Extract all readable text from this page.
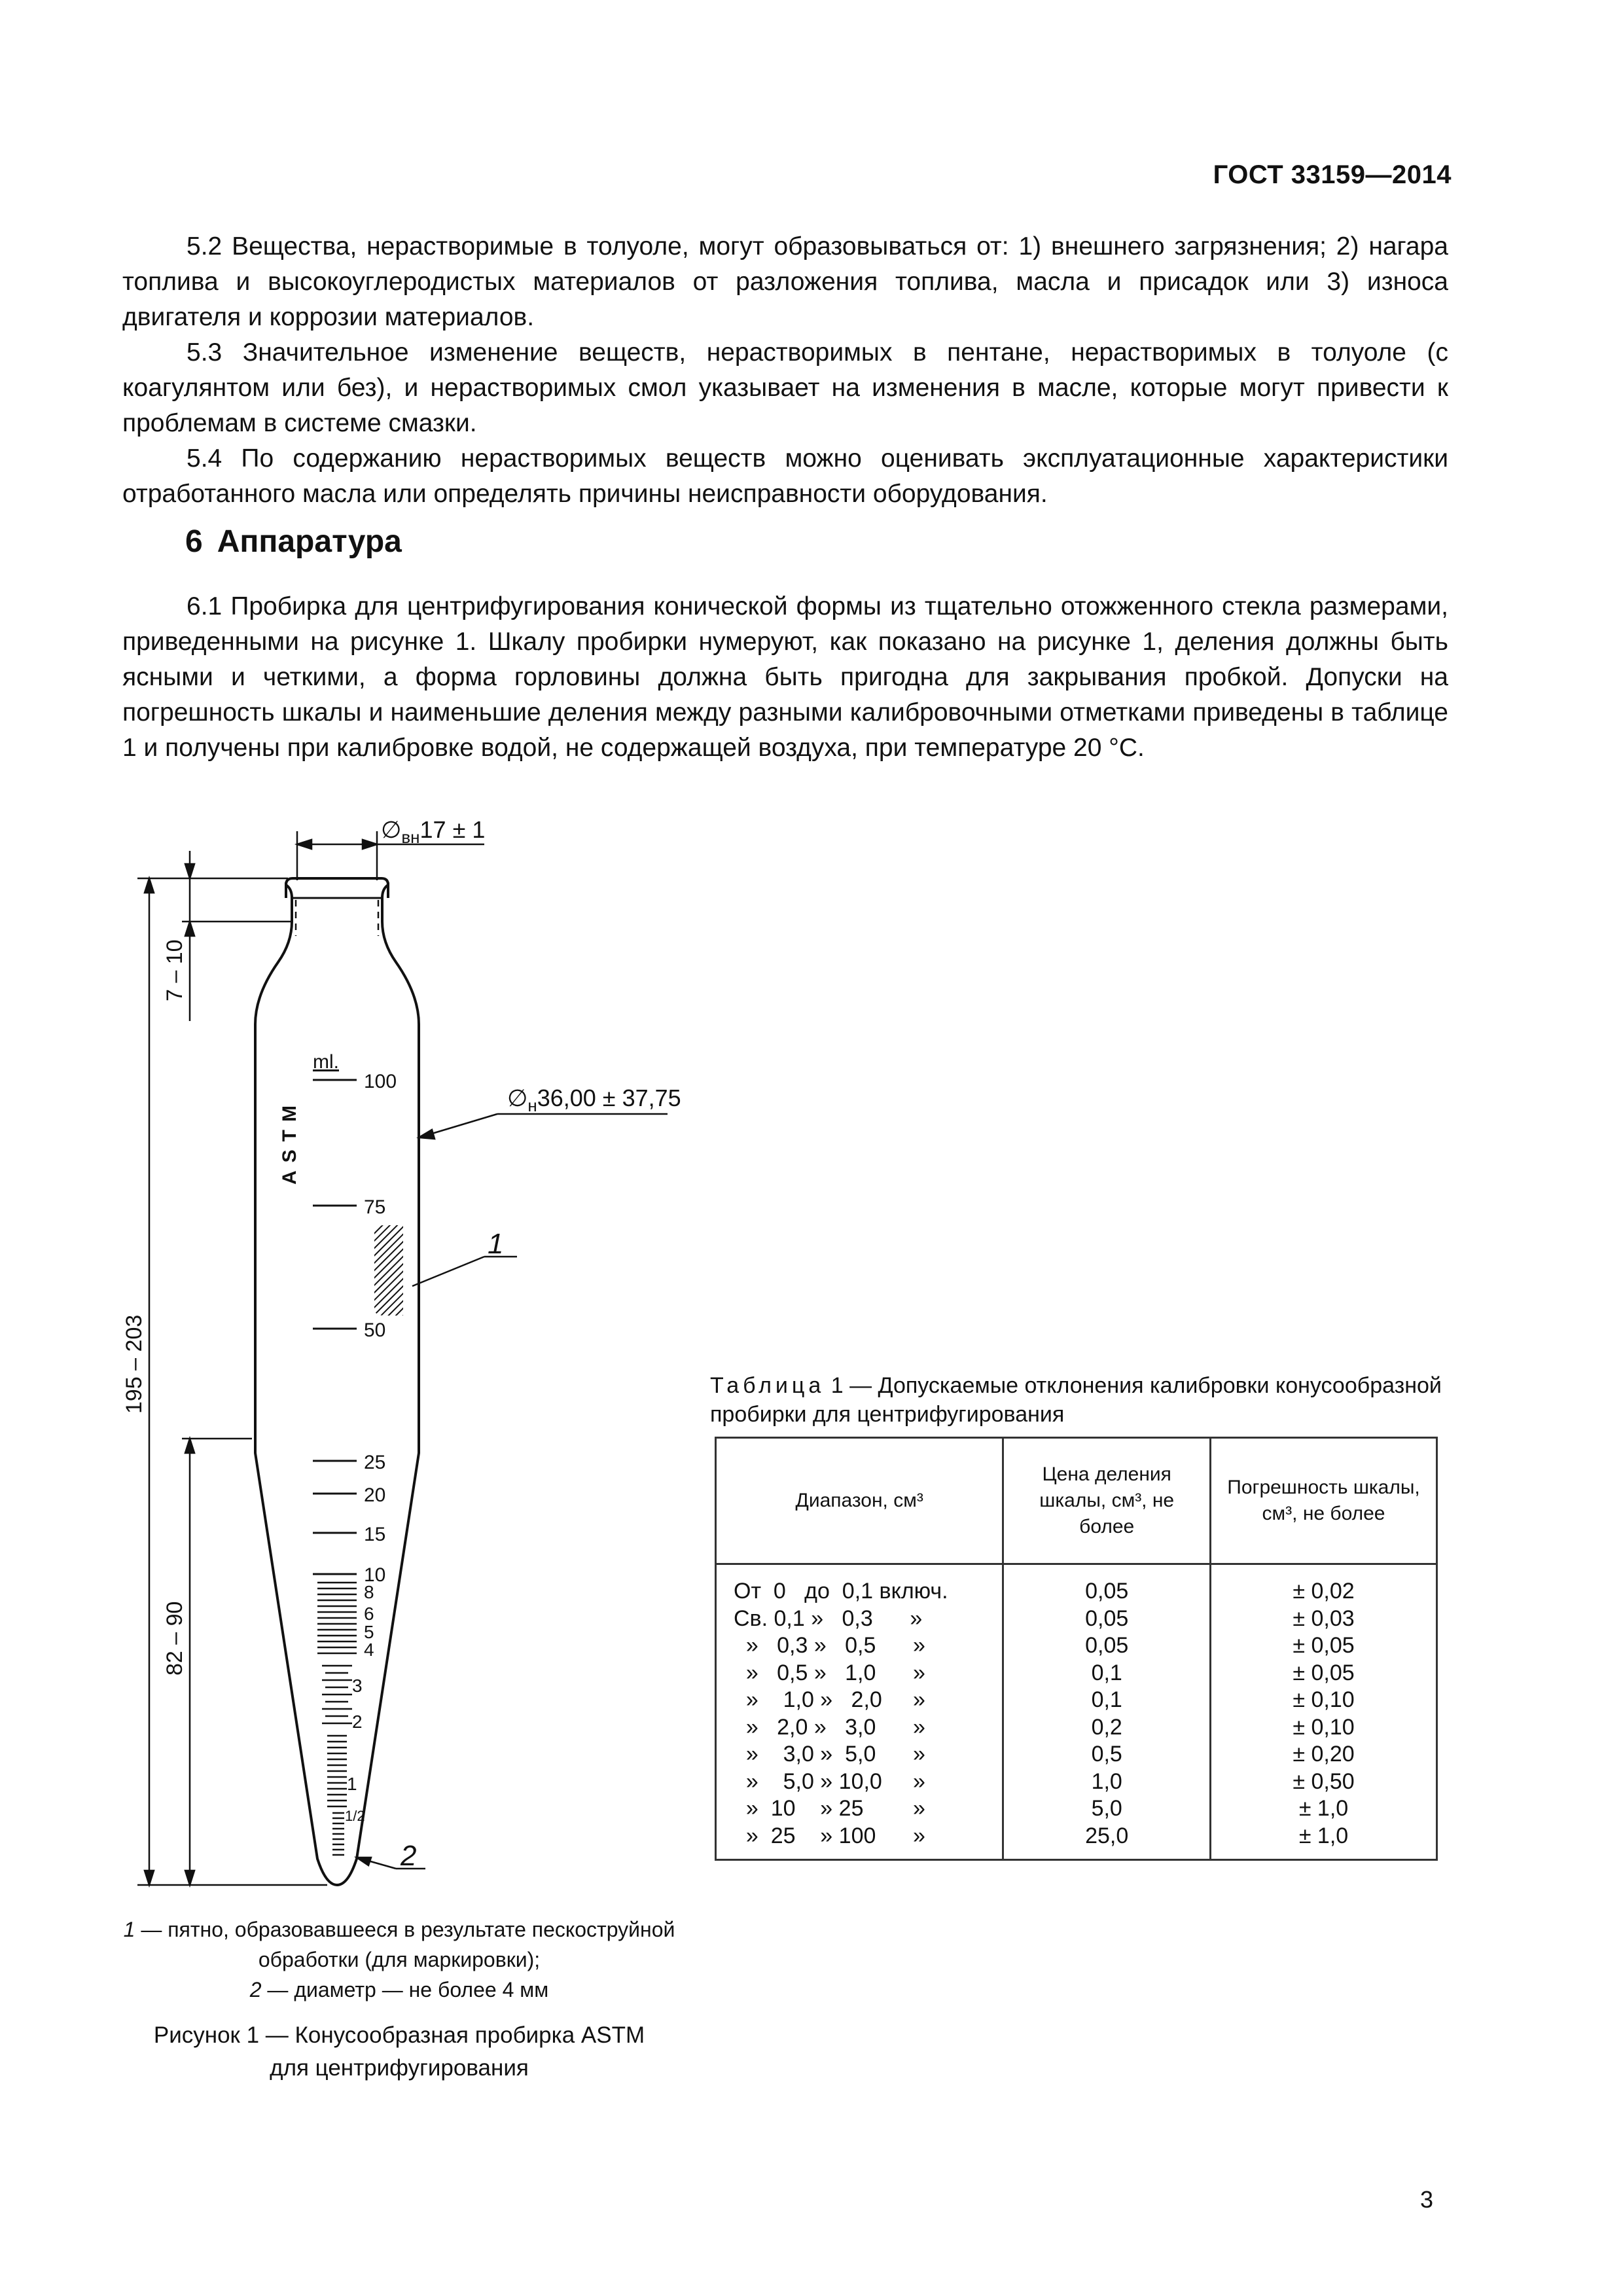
ГОСТ 33159—2014

5.2 Вещества, нерастворимые в толуоле, могут образовываться от: 1) внешнего загрязнения; 2) нагара топлива и высокоуглеродистых материалов от разложения топлива, масла и присадок или 3) износа двигателя и коррозии материалов.

5.3 Значительное изменение веществ, нерастворимых в пентане, нерастворимых в толуоле (с коагулянтом или без), и нерастворимых смол указывает на изменения в масле, которые могут привести к проблемам в системе смазки.

5.4 По содержанию нерастворимых веществ можно оценивать эксплуатационные характеристики отработанного масла или определять причины неисправности оборудования.

6 Аппаратура

6.1 Пробирка для центрифугирования конической формы из тщательно отожженного стекла размерами, приведенными на рисунке 1. Шкалу пробирки нумеруют, как показано на рисунке 1, деления должны быть ясными и четкими, а форма горловины должна быть пригодна для закрывания пробкой. Допуски на погрешность шкалы и наименьшие деления между разными калибровочными отметками приведены в таблице 1 и получены при калибровке водой, не содержащей воздуха, при температуре 20 °С.

$\emptyset_{вн}17 \pm 1$
7 – 10
195 – 203
82 – 90
$\emptyset_н36,00 \pm 37,75$
ASTM
ml.
100
75
50
25
20
15
10
8
6
5
4
3
2
1
1/2
1
2
1 — пятно, образовавшееся в результате пескоструйной обработки (для маркировки);
2 — диаметр — не более 4 мм
Рисунок 1 — Конусообразная пробирка ASTM
для центрифугирования
Таблица 1 — Допускаемые отклонения калибровки конусообразной пробирки для центрифугирования
Диапазон, см³	Цена деления шкалы, см³, не более	Погрешность шкалы, см³, не более
От  0   до  0,1 включ.	0,05	± 0,02
Св. 0,1 »   0,3      »	0,05	± 0,03
»   0,3 »   0,5      »	0,05	± 0,05
»   0,5 »   1,0      »	0,1	± 0,05
»    1,0 »   2,0     »	0,1	± 0,10
»   2,0 »   3,0      »	0,2	± 0,10
»    3,0 »  5,0      »	0,5	± 0,20
»    5,0 » 10,0     »	1,0	± 0,50
»  10    » 25        »	5,0	± 1,0
»  25    » 100      »	25,0	± 1,0
3
